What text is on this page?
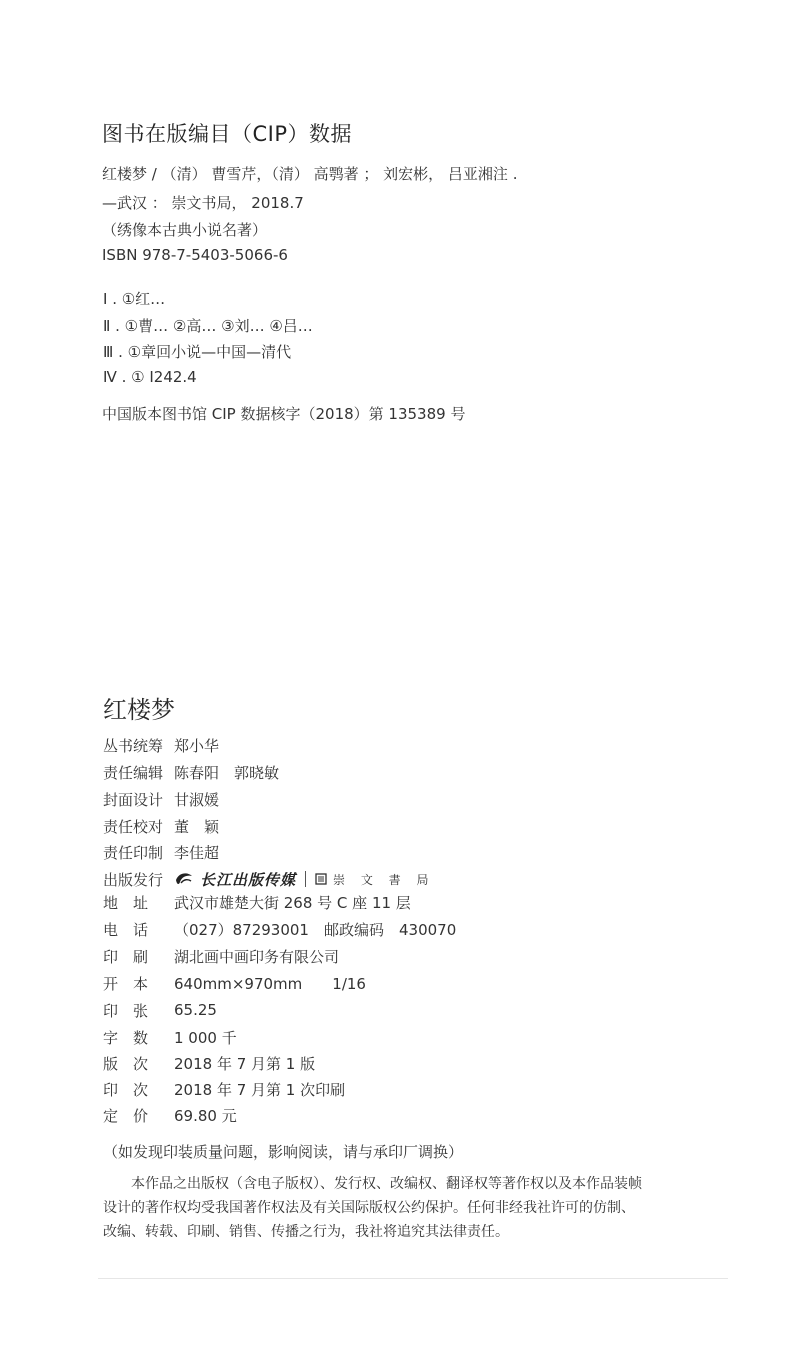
图书在版编目（CIP）数据
红楼梦 / （清） 曹雪芹，（清） 高鹗著 ； 刘宏彬， 吕亚湘注 .
—武汉 ： 崇文书局， 2018.7
（绣像本古典小说名著）
ISBN 978-7-5403-5066-6
Ⅰ . ①红…
Ⅱ . ①曹… ②高… ③刘… ④吕…
Ⅲ . ①章回小说—中国—清代
Ⅳ . ① I242.4
中国版本图书馆 CIP 数据核字（2018）第 135389 号
红楼梦
丛书统筹 郑小华
责任编辑 陈春阳　郭晓敏
封面设计 甘淑媛
责任校对 董　颖
责任印制 李佳超
出版发行	长江出版传媒	崇 文 書 局
地　址	武汉市雄楚大街 268 号 C 座 11 层
电　话	（027）87293001　邮政编码　430070
印　刷	湖北画中画印务有限公司
开　本	640mm×970mm　　1/16
印　张	65.25
字　数	1 000 千
版　次	2018 年 7 月第 1 版
印　次	2018 年 7 月第 1 次印刷
定　价	69.80 元
（如发现印装质量问题，影响阅读，请与承印厂调换）
本作品之出版权（含电子版权）、发行权、改编权、翻译权等著作权以及本作品装帧设计的著作权均受我国著作权法及有关国际版权公约保护。任何非经我社许可的仿制、改编、转载、印刷、销售、传播之行为，我社将追究其法律责任。
